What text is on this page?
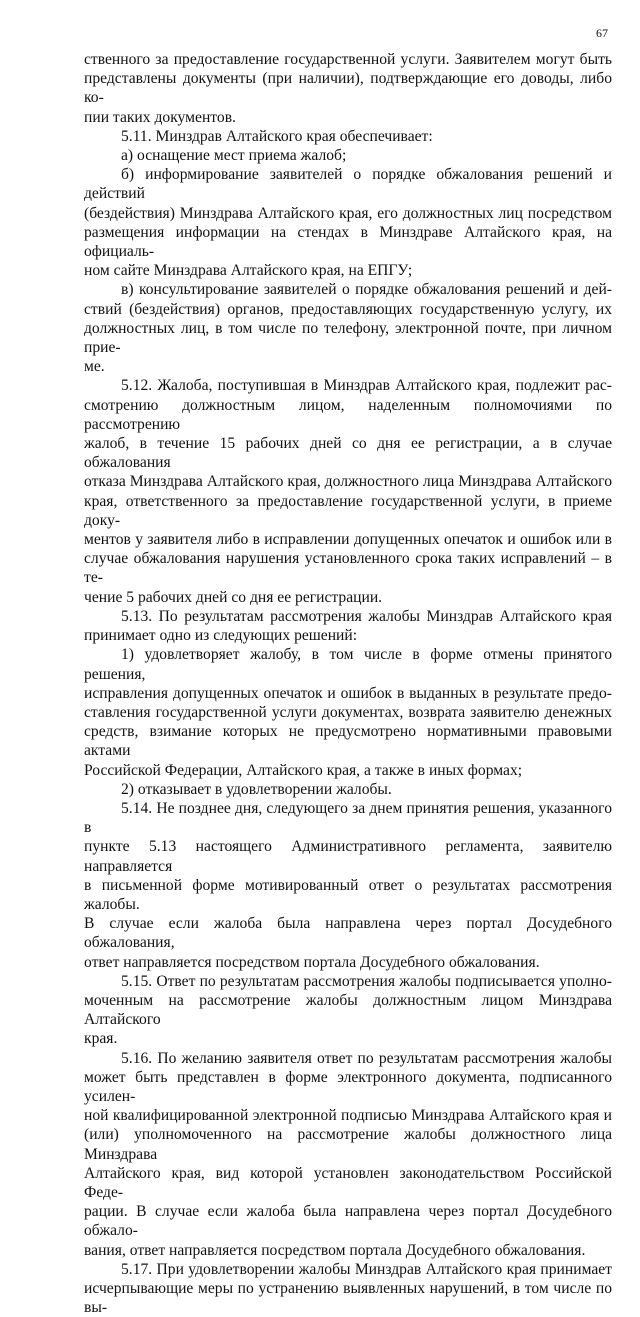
67

ственного за предоставление государственной услуги. Заявителем могут быть

представлены документы (при наличии), подтверждающие его доводы, либо ко-

пии таких документов.

5.11. Минздрав Алтайского края обеспечивает:

а) оснащение мест приема жалоб;

б) информирование заявителей о порядке обжалования решений и действий

(бездействия) Минздрава Алтайского края, его должностных лиц посредством

размещения информации на стендах в Минздраве Алтайского края, на официаль-

ном сайте Минздрава Алтайского края, на ЕПГУ;

в) консультирование заявителей о порядке обжалования решений и дей-

ствий (бездействия) органов, предоставляющих государственную услугу, их

должностных лиц, в том числе по телефону, электронной почте, при личном прие-

ме.

5.12. Жалоба, поступившая в Минздрав Алтайского края, подлежит рас-

смотрению должностным лицом, наделенным полномочиями по рассмотрению

жалоб, в течение 15 рабочих дней со дня ее регистрации, а в случае обжалования

отказа Минздрава Алтайского края, должностного лица Минздрава Алтайского

края, ответственного за предоставление государственной услуги, в приеме доку-

ментов у заявителя либо в исправлении допущенных опечаток и ошибок или в

случае обжалования нарушения установленного срока таких исправлений – в те-

чение 5 рабочих дней со дня ее регистрации.

5.13. По результатам рассмотрения жалобы Минздрав Алтайского края

принимает одно из следующих решений:

1) удовлетворяет жалобу, в том числе в форме отмены принятого решения,

исправления допущенных опечаток и ошибок в выданных в результате предо-

ставления государственной услуги документах, возврата заявителю денежных

средств, взимание которых не предусмотрено нормативными правовыми актами

Российской Федерации, Алтайского края, а также в иных формах;

2) отказывает в удовлетворении жалобы.

5.14. Не позднее дня, следующего за днем принятия решения, указанного в

пункте 5.13 настоящего Административного регламента, заявителю направляется

в письменной форме мотивированный ответ о результатах рассмотрения жалобы.

В случае если жалоба была направлена через портал Досудебного обжалования,

ответ направляется посредством портала Досудебного обжалования.

5.15. Ответ по результатам рассмотрения жалобы подписывается уполно-

моченным на рассмотрение жалобы должностным лицом Минздрава Алтайского

края.

5.16. По желанию заявителя ответ по результатам рассмотрения жалобы

может быть представлен в форме электронного документа, подписанного усилен-

ной квалифицированной электронной подписью Минздрава Алтайского края и

(или) уполномоченного на рассмотрение жалобы должностного лица Минздрава

Алтайского края, вид которой установлен законодательством Российской Феде-

рации. В случае если жалоба была направлена через портал Досудебного обжало-

вания, ответ направляется посредством портала Досудебного обжалования.

5.17. При удовлетворении жалобы Минздрав Алтайского края принимает

исчерпывающие меры по устранению выявленных нарушений, в том числе по вы-
